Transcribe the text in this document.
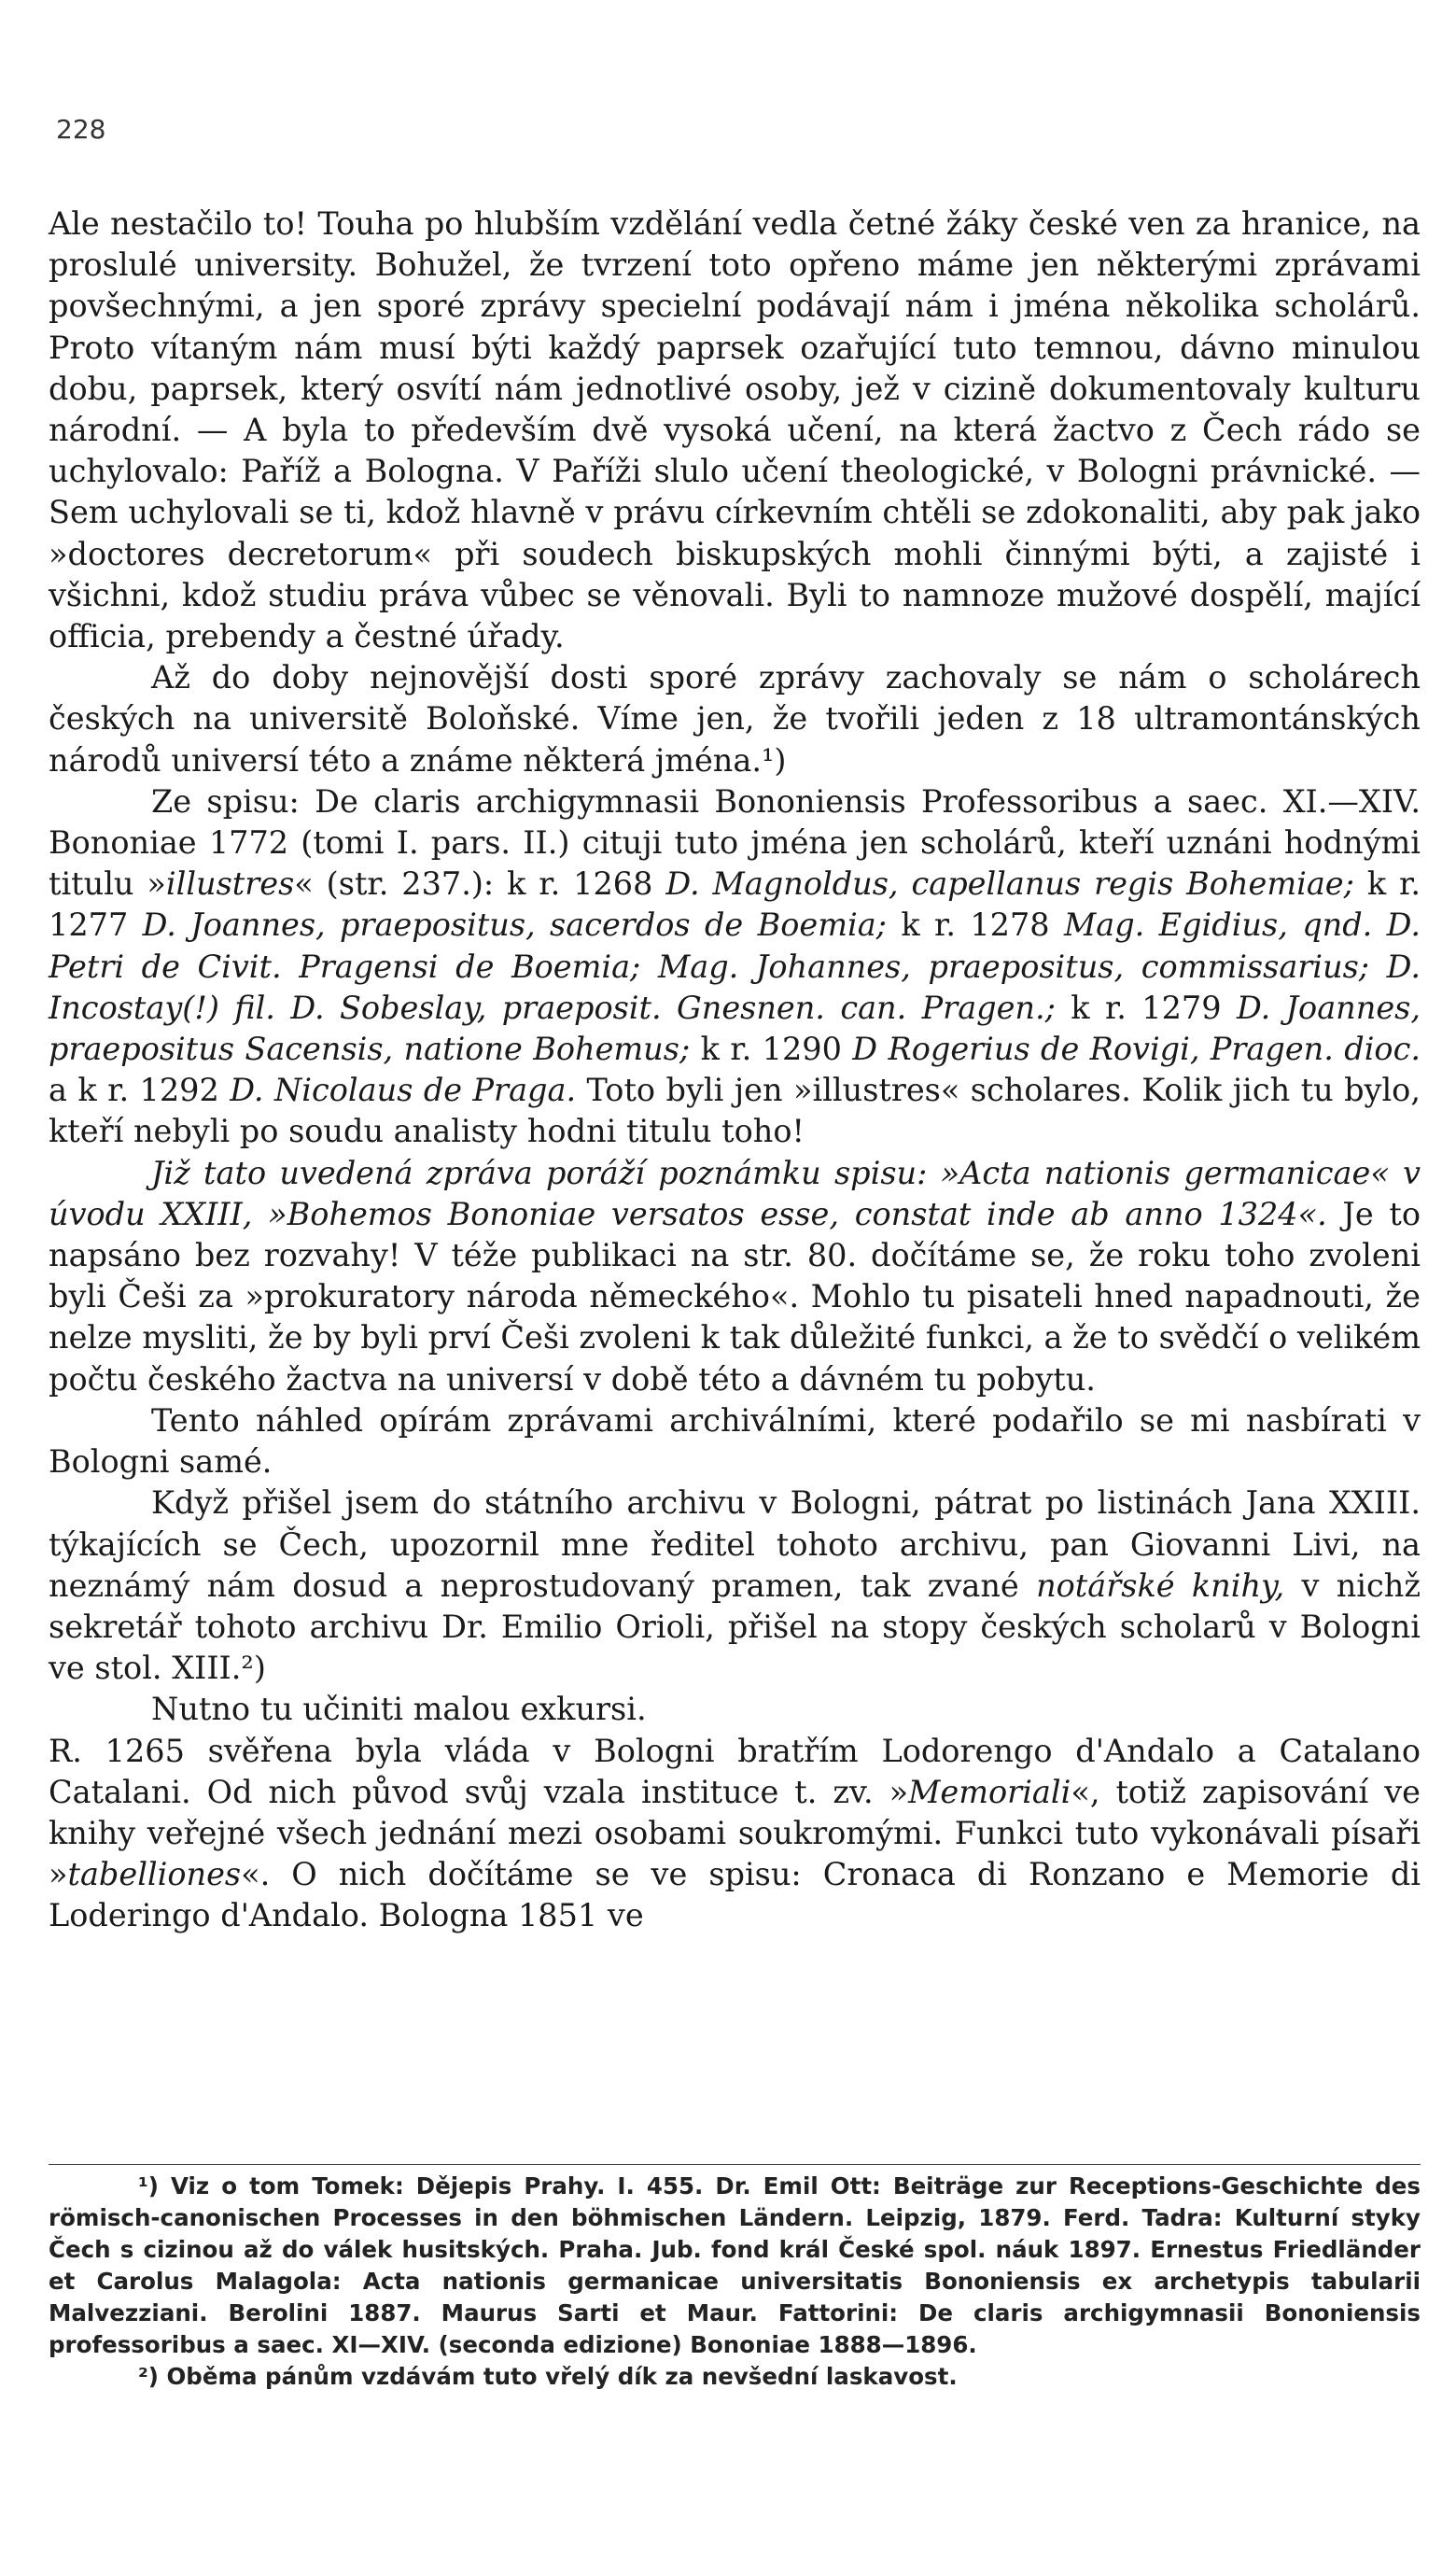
228

Ale nestačilo to! Touha po hlubším vzdělání vedla četné žáky české ven za hranice, na proslulé university. Bohužel, že tvrzení toto opřeno máme jen některými zprávami povšechnými, a jen sporé zprávy specielní podávají nám i jména několika scholárů. Proto vítaným nám musí býti každý paprsek ozařující tuto temnou, dávno minulou dobu, paprsek, který osvítí nám jednotlivé osoby, jež v cizině dokumentovaly kulturu národní. — A byla to především dvě vysoká učení, na která žactvo z Čech rádo se uchylovalo: Paříž a Bologna. V Paříži slulo učení theologické, v Bologni právnické. — Sem uchylovali se ti, kdož hlavně v právu církevním chtěli se zdokonaliti, aby pak jako »doctores decretorum« při soudech biskupských mohli činnými býti, a zajisté i všichni, kdož studiu práva vůbec se věnovali. Byli to namnoze mužové dospělí, mající officia, prebendy a čestné úřady.

Až do doby nejnovější dosti sporé zprávy zachovaly se nám o scholárech českých na universitě Boloňské. Víme jen, že tvořili jeden z 18 ultramontánských národů universí této a známe některá jména.¹)

Ze spisu: De claris archigymnasii Bononiensis Professoribus a saec. XI.—XIV. Bononiae 1772 (tomi I. pars. II.) cituji tuto jména jen scholárů, kteří uznáni hodnými titulu »illustres« (str. 237.): k r. 1268 D. Magnoldus, capellanus regis Bohemiae; k r. 1277 D. Joannes, praepositus, sacerdos de Boemia; k r. 1278 Mag. Egidius, qnd. D. Petri de Civit. Pragensi de Boemia; Mag. Johannes, praepositus, commissarius; D. Incostay(!) fil. D. Sobeslay, praeposit. Gnesnen. can. Pragen.; k r. 1279 D. Joannes, praepositus Sacensis, natione Bohemus; k r. 1290 D Rogerius de Rovigi, Pragen. dioc. a k r. 1292 D. Nicolaus de Praga. Toto byli jen »illustres« scholares. Kolik jich tu bylo, kteří nebyli po soudu analisty hodni titulu toho!

Již tato uvedená zpráva poráží poznámku spisu: »Acta nationis germanicae« v úvodu XXIII, »Bohemos Bononiae versatos esse, constat inde ab anno 1324«. Je to napsáno bez rozvahy! V téže publikaci na str. 80. dočítáme se, že roku toho zvoleni byli Češi za »prokuratory národa německého«. Mohlo tu pisateli hned napadnouti, že nelze mysliti, že by byli prví Češi zvoleni k tak důležité funkci, a že to svědčí o velikém počtu českého žactva na universí v době této a dávném tu pobytu.

Tento náhled opírám zprávami archiválními, které podařilo se mi nasbírati v Bologni samé.

Když přišel jsem do státního archivu v Bologni, pátrat po listinách Jana XXIII. týkajících se Čech, upozornil mne ředitel tohoto archivu, pan Giovanni Livi, na neznámý nám dosud a neprostudovaný pramen, tak zvané notářské knihy, v nichž sekretář tohoto archivu Dr. Emilio Orioli, přišel na stopy českých scholarů v Bologni ve stol. XIII.²)

Nutno tu učiniti malou exkursi.

R. 1265 svěřena byla vláda v Bologni bratřím Lodorengo d'Andalo a Catalano Catalani. Od nich původ svůj vzala instituce t. zv. »Memoriali«, totiž zapisování ve knihy veřejné všech jednání mezi osobami soukromými. Funkci tuto vykonávali písaři »tabelliones«. O nich dočítáme se ve spisu: Cronaca di Ronzano e Memorie di Loderingo d'Andalo. Bologna 1851 ve

¹) Viz o tom Tomek: Dějepis Prahy. I. 455. Dr. Emil Ott: Beiträge zur Receptions-Geschichte des römisch-canonischen Processes in den böhmischen Ländern. Leipzig, 1879. Ferd. Tadra: Kulturní styky Čech s cizinou až do válek husitských. Praha. Jub. fond král České spol. náuk 1897. Ernestus Friedländer et Carolus Malagola: Acta nationis germanicae universitatis Bononiensis ex archetypis tabularii Malvezziani. Berolini 1887. Maurus Sarti et Maur. Fattorini: De claris archigymnasii Bononiensis professoribus a saec. XI—XIV. (seconda edizione) Bononiae 1888—1896.

²) Oběma pánům vzdávám tuto vřelý dík za nevšední laskavost.
